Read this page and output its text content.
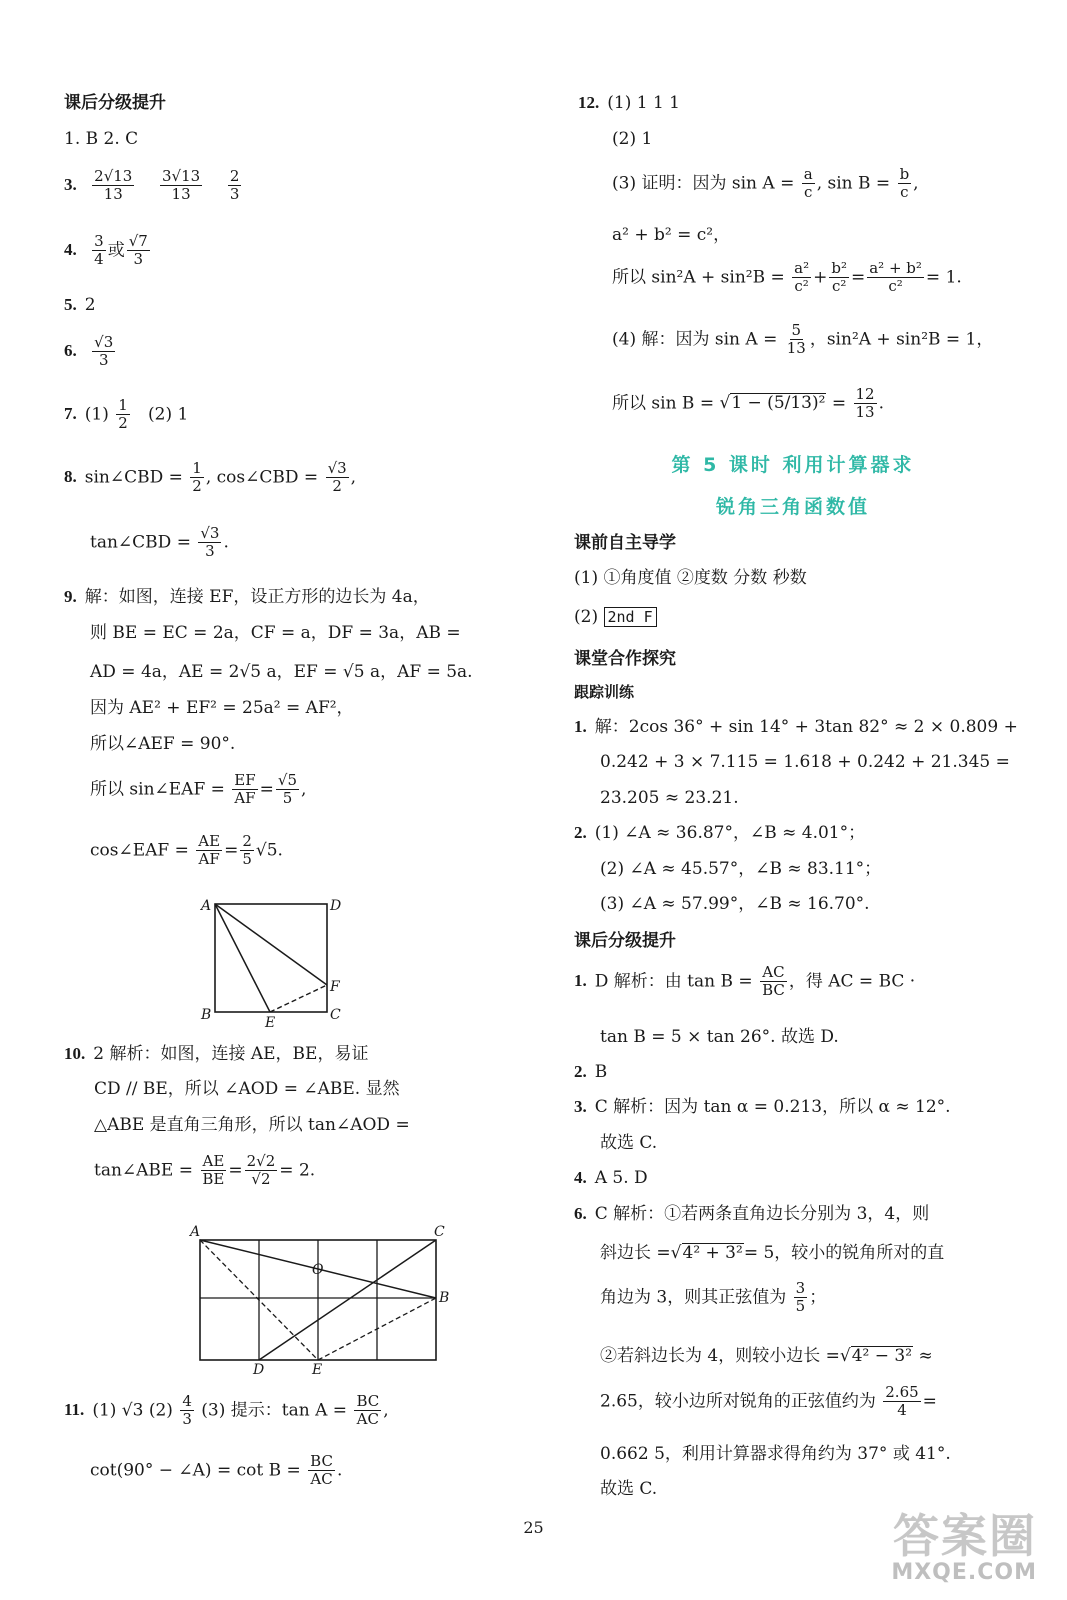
课后分级提升
1. B 2. C
3. $\frac{2√13}{13}$
$\frac{3√13}{13}$
$\frac{2}{3}$
4. $\frac{3}{4}$ 或 $\frac{√7}{3}$
5. 2
6. $\frac{√3}{3}$
7. $(1) \frac{1}{2} (2)$ 1
8. sin∠CBD = $\frac{1}{2}$ , cos∠CBD = $\frac{√3}{2}$ ,
tan∠CBD = $\frac{√3}{3}$ .
9. 解：如图，连接 EF，设正方形的边长为 4a，
则 BE = EC = 2a，CF = a，DF = 3a，AB =
AD = 4a，AE = 2√5 a，EF = √5 a，AF = 5a.
因为 AE² + EF² = 25a² = AF²，
所以∠AEF = 90°.
所以 sin∠EAF = $\frac{EF}{AF} = \frac{√5}{5}$ ,
cos∠EAF = $\frac{AE}{AF} = \frac{2}{5} √5$.
A	D
B	C
E
F
10. 2 解析：如图，连接 AE，BE，易证
CD // BE，所以 ∠AOD = ∠ABE. 显然
△ABE 是直角三角形，所以 tan∠AOD =
tan∠ABE = $\frac{AE}{BE} = \frac{2√2}{√2} = 2$.
A	C
B
O
D	E
11. (1) √3 $(2) \frac{4}{3} (3)$ 提示：$\tan A = \frac{BC}{AC}$ ,
cot(90° − ∠A) = $\cot B = \frac{BC}{AC}$ .
12. (1) 1 1 1
(2) 1
(3) 证明：因为 $\sin A = \frac{a}{c}$ , $\sin B = \frac{b}{c}$ ,
a² + b² = c²，
所以 $\sin^2A + \sin^2B = \frac{\text{a²}}{\text{c²}} + \frac{\text{b²}}{\text{c²}} = \frac{\text{a² + b²}}{\text{c²}} = 1$.
(4) 解：因为 $\sin A = \frac{5}{13}$ ，sin²A + sin²B = 1，
所以 $\sin B = √1 - (5/13)^2 = \frac{12}{13}$ .
第 5 课时 利用计算器求
锐角三角函数值
课前自主导学
(1) ①角度值 ②度数 分数 秒数
(2) 2nd F
课堂合作探究
跟踪训练
1. 解：2cos 36° + sin 14° + 3tan 82° ≈ 2 × 0.809 +
0.242 + 3 × 7.115 = 1.618 + 0.242 + 21.345 =
23.205 ≈ 23.21.
2. (1) ∠A ≈ 36.87°，∠B ≈ 4.01°；
(2) ∠A ≈ 45.57°，∠B ≈ 83.11°；
(3) ∠A ≈ 57.99°，∠B ≈ 16.70°.
课后分级提升
1. D 解析：由 $\tan B = \frac{AC}{BC}$ ，得 AC = BC ·
tan B = 5 × tan 26°. 故选 D.
2. B
3. C 解析：因为 tan α = 0.213，所以 α ≈ 12°.
故选 C.
4. A 5. D
6. C 解析：①若两条直角边长分别为 3，4，则
斜边长 =√4² + 3²= 5，较小的锐角所对的直
角边为 3，则其正弦值为 $\frac{3}{5}$ ；
②若斜边长为 4，则较小边长 =√4² − 3² ≈
2.65，较小边所对锐角的正弦值约为 $\frac{2.65}{4}$ =
0.662 5，利用计算器求得角约为 37° 或 41°.
故选 C.
25	答案圈
MXQE.COM
